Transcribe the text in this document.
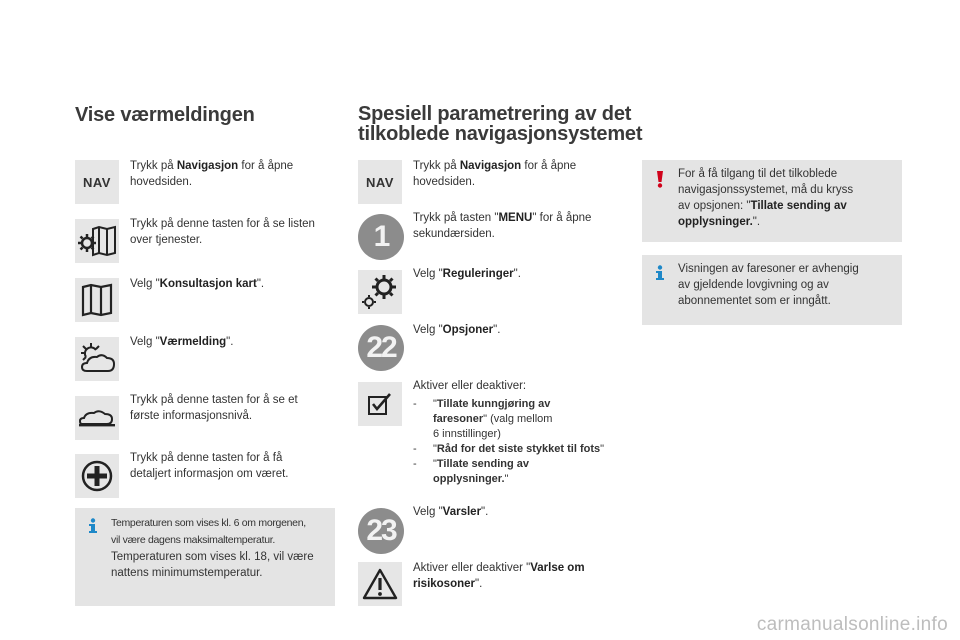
Vise værmeldingen
NAV
Trykk på Navigasjon for å åpne
hovedsiden.
Trykk på denne tasten for å se listen
over tjenester.
Velg "Konsultasjon kart".
Velg "Værmelding".
Trykk på denne tasten for å se et
første informasjonsnivå.
Trykk på denne tasten for å få
detaljert informasjon om været.
Temperaturen som vises kl. 6 om morgenen,
vil være dagens maksimaltemperatur.
Temperaturen som vises kl. 18, vil være
nattens minimumstemperatur.
Spesiell parametrering av det
tilkoblede navigasjonsystemet
NAV
Trykk på Navigasjon for å åpne
hovedsiden.
1
Trykk på tasten "MENU" for å åpne
sekundærsiden.
Velg "Reguleringer".
22
Velg "Opsjoner".
Aktiver eller deaktiver:
-	"Tillate kunngjøring av
faresoner" (valg mellom
6 innstillinger)
-	"Råd for det siste stykket til fots"
-	"Tillate sending av
opplysninger."
23
Velg "Varsler".
Aktiver eller deaktiver "Varlse om
risikosoner".
For å få tilgang til det tilkoblede
navigasjonssystemet, må du kryss
av opsjonen: "Tillate sending av
opplysninger.".
Visningen av faresoner er avhengig
av gjeldende lovgivning og av
abonnementet som er inngått.
carmanualsonline.info
